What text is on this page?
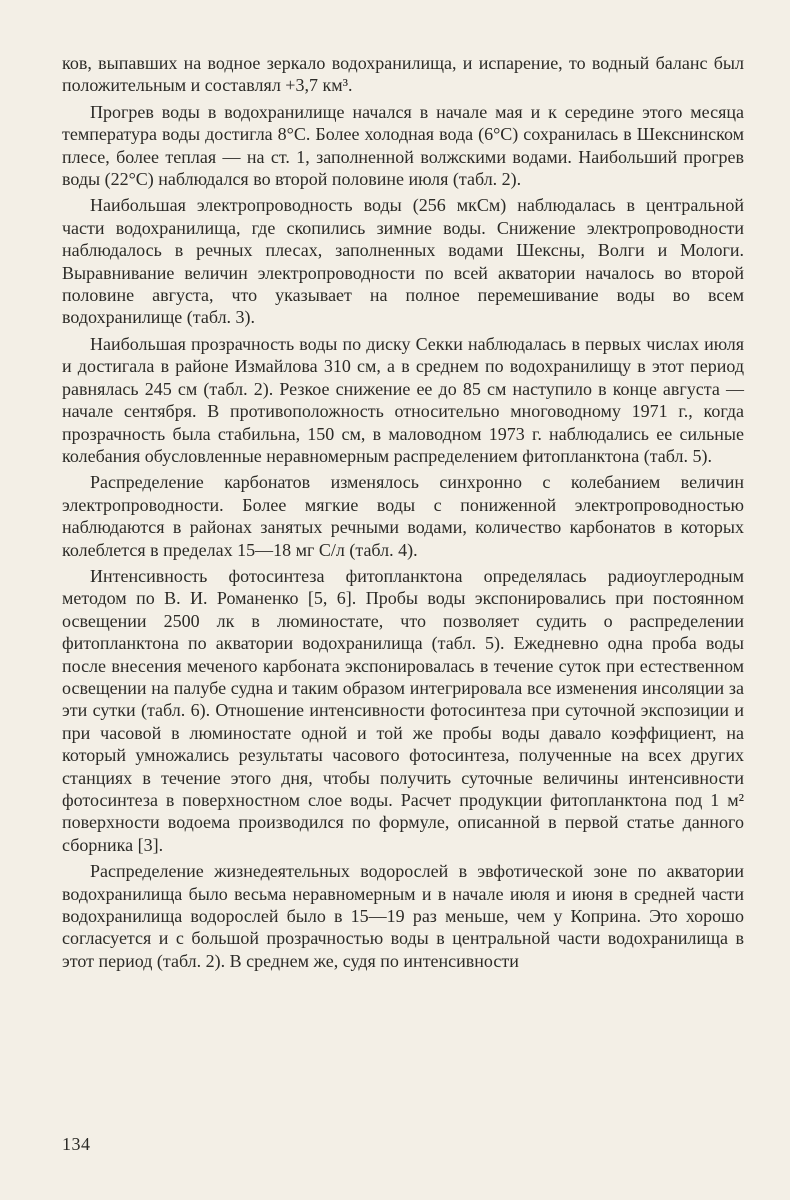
ков, выпавших на водное зеркало водохранилища, и испарение, то водный баланс был положительным и составлял +3,7 км³.

Прогрев воды в водохранилище начался в начале мая и к середине этого месяца температура воды достигла 8°С. Более холодная вода (6°С) сохранилась в Шекснинском плесе, более теплая — на ст. 1, заполненной волжскими водами. Наибольший прогрев воды (22°С) наблюдался во второй половине июля (табл. 2).

Наибольшая электропроводность воды (256 мкСм) наблюдалась в центральной части водохранилища, где скопились зимние воды. Снижение электропроводности наблюдалось в речных плесах, заполненных водами Шексны, Волги и Мологи. Выравнивание величин электропроводности по всей акватории началось во второй половине августа, что указывает на полное перемешивание воды во всем водохранилище (табл. 3).

Наибольшая прозрачность воды по диску Секки наблюдалась в первых числах июля и достигала в районе Измайлова 310 см, а в среднем по водохранилищу в этот период равнялась 245 см (табл. 2). Резкое снижение ее до 85 см наступило в конце августа — начале сентября. В противоположность относительно многоводному 1971 г., когда прозрачность была стабильна, 150 см, в маловодном 1973 г. наблюдались ее сильные колебания обусловленные неравномерным распределением фитопланктона (табл. 5).

Распределение карбонатов изменялось синхронно с колебанием величин электропроводности. Более мягкие воды с пониженной электропроводностью наблюдаются в районах занятых речными водами, количество карбонатов в которых колеблется в пределах 15—18 мг С/л (табл. 4).

Интенсивность фотосинтеза фитопланктона определялась радиоуглеродным методом по В. И. Романенко [5, 6]. Пробы воды экспонировались при постоянном освещении 2500 лк в люминостате, что позволяет судить о распределении фитопланктона по акватории водохранилища (табл. 5). Ежедневно одна проба воды после внесения меченого карбоната экспонировалась в течение суток при естественном освещении на палубе судна и таким образом интегрировала все изменения инсоляции за эти сутки (табл. 6). Отношение интенсивности фотосинтеза при суточной экспозиции и при часовой в люминостате одной и той же пробы воды давало коэффициент, на который умножались результаты часового фотосинтеза, полученные на всех других станциях в течение этого дня, чтобы получить суточные величины интенсивности фотосинтеза в поверхностном слое воды. Расчет продукции фитопланктона под 1 м² поверхности водоема производился по формуле, описанной в первой статье данного сборника [3].

Распределение жизнедеятельных водорослей в эвфотической зоне по акватории водохранилища было весьма неравномерным и в начале июля и июня в средней части водохранилища водорослей было в 15—19 раз меньше, чем у Коприна. Это хорошо согласуется и с большой прозрачностью воды в центральной части водохранилища в этот период (табл. 2). В среднем же, судя по интенсивности

134
